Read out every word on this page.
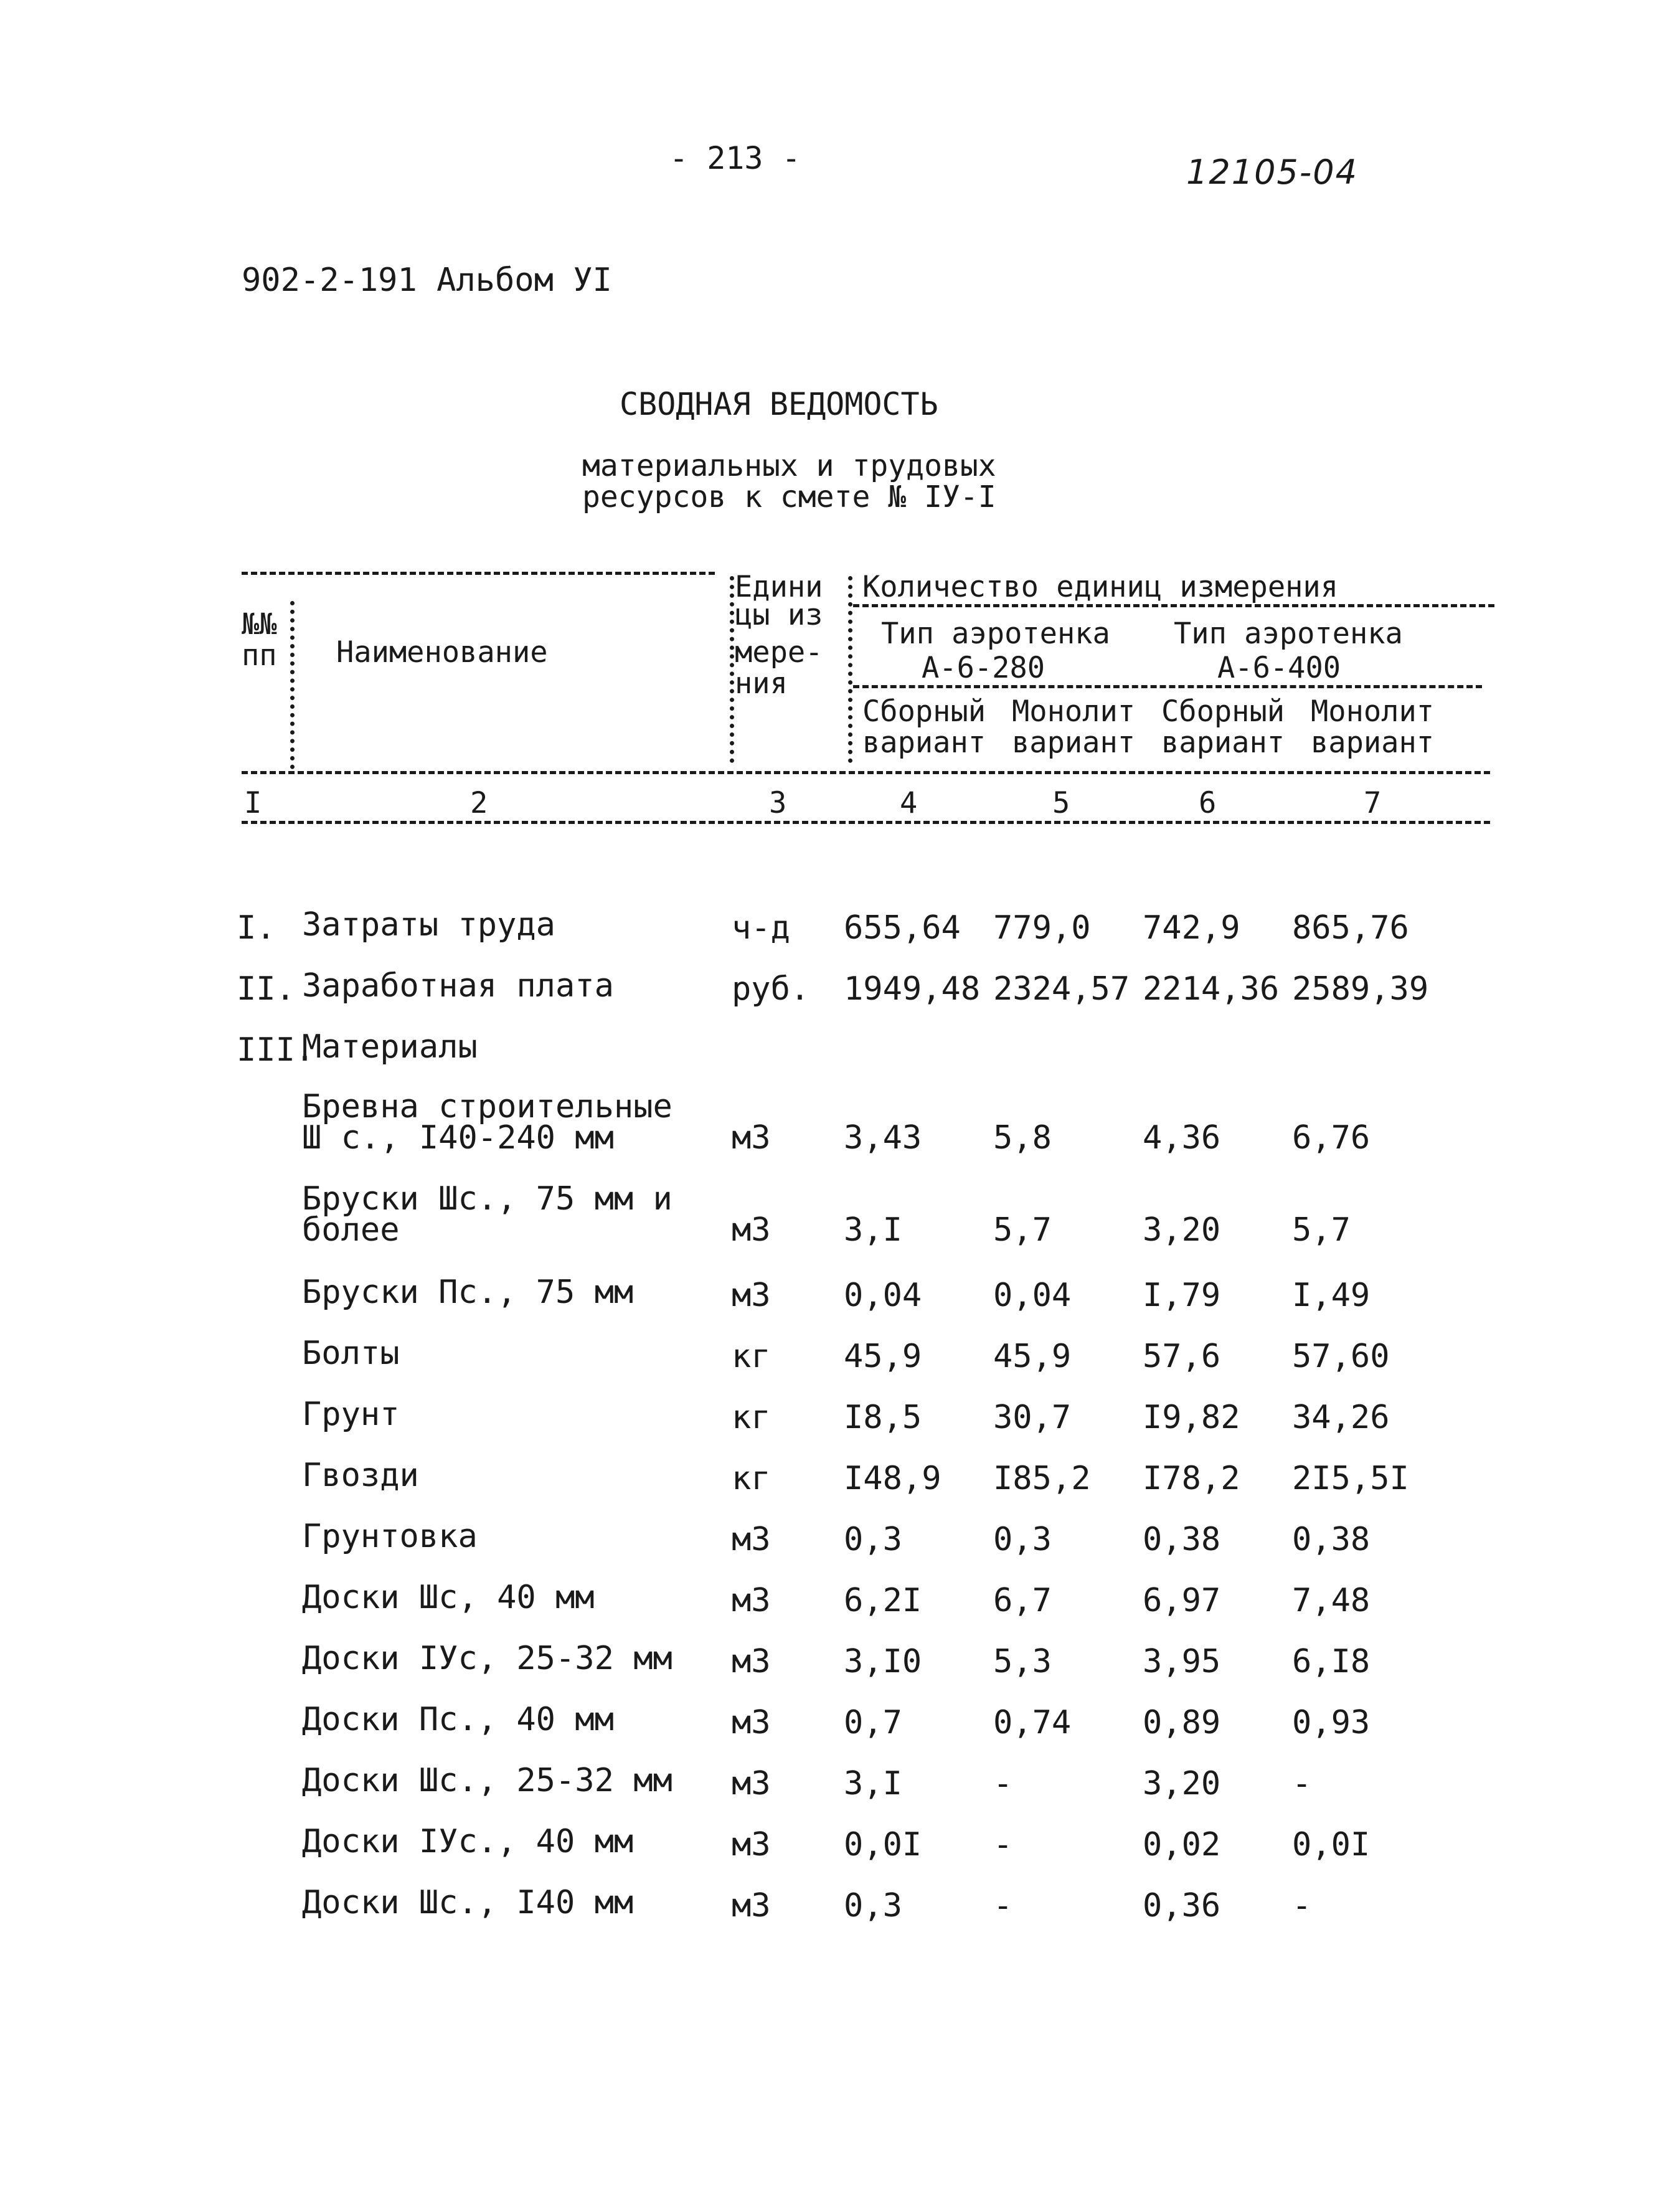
- 213 -	12105-04
902-2-191 Альбом УI
СВОДНАЯ ВЕДОМОСТЬ
материальных и трудовых
ресурсов к смете № IУ-I
№№
пп Наименование
Едини
цы из
мере-
ния
Количество единиц измерения
Тип аэротенка
А-6-280
Тип аэротенка
А-6-400
Сборный Монолит Сборный Монолит
вариант вариант вариант вариант
I	2	3	4	5	6	7
I. Затраты труда	ч-д 655,64 779,0 742,9 865,76
II. Заработная плата	руб. 1949,48 2324,57 2214,36 2589,39
III.
Материалы
Бревна строительные
Ш с., I40-240 мм	м3 3,43 5,8	4,36 6,76
Бруски Шс., 75 мм и
более	м3 3,I	5,7	3,20 5,7
Бруски Пс., 75 мм	м3 0,04 0,04 I,79 I,49
Болты	кг 45,9 45,9 57,6 57,60
Грунт	кг I8,5 30,7 I9,82 34,26
Гвозди	кг I48,9 I85,2 I78,2 2I5,5I
Грунтовка	м3 0,3	0,3	0,38 0,38
Доски Шс, 40 мм	м3 6,2I 6,7	6,97 7,48
Доски IУс, 25-32 мм м3 3,I0 5,3	3,95 6,I8
Доски Пс., 40 мм	м3 0,7	0,74 0,89 0,93
Доски Шс., 25-32 мм м3 3,I	-	3,20 -
Доски IУс., 40 мм	м3 0,0I -	0,02 0,0I
Доски Шс., I40 мм	м3 0,3	-	0,36 -
